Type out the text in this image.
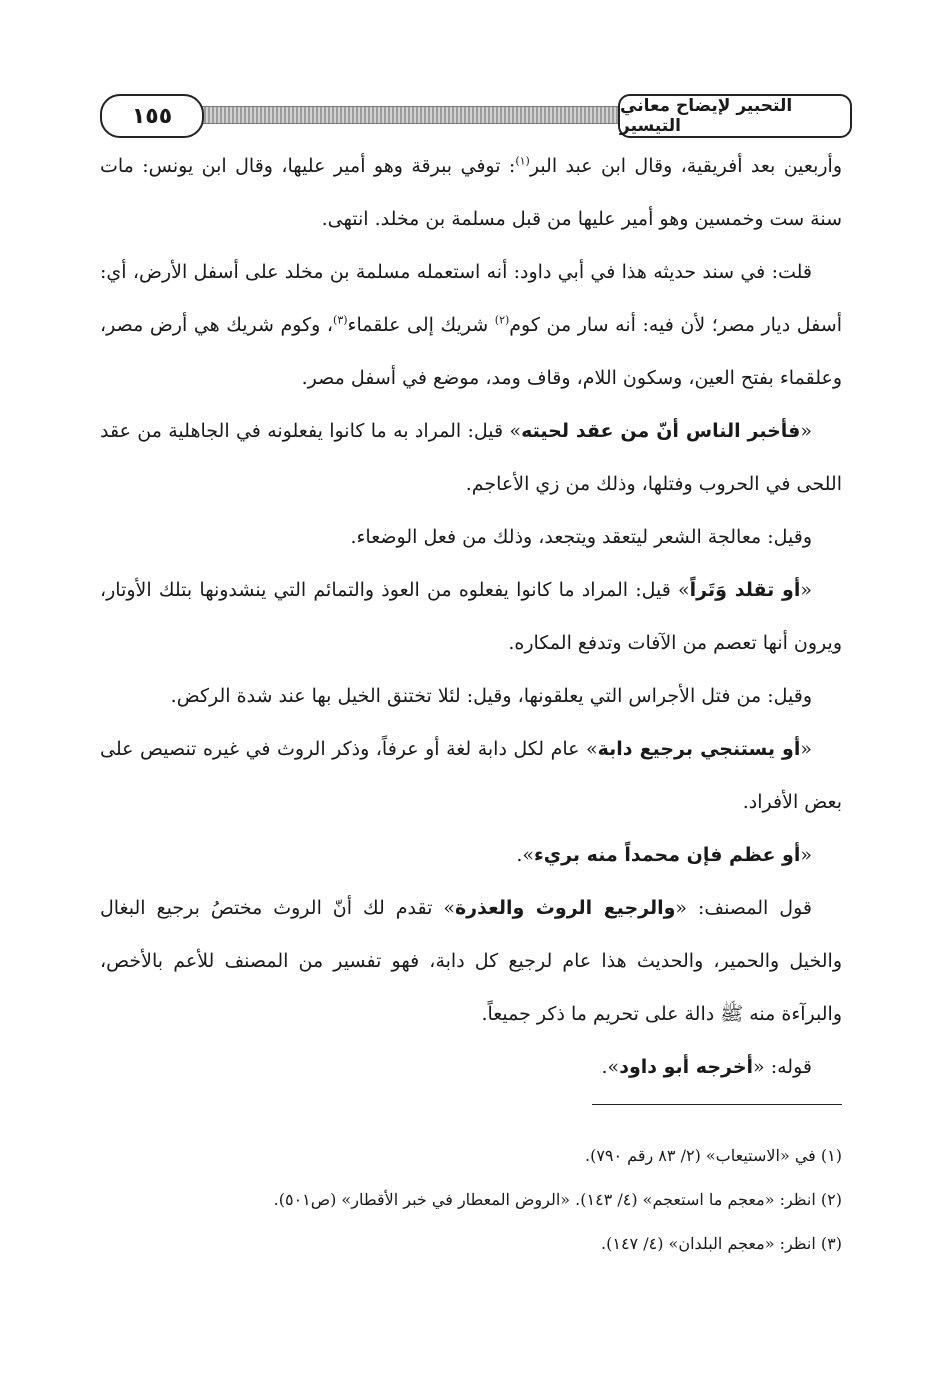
١٥٥	التحبير لإيضاح معاني التيسير

وأربعين بعد أفريقية، وقال ابن عبد البر$^{(١)}$: توفي ببرقة وهو أمير عليها، وقال ابن يونس: مات سنة ست وخمسين وهو أمير عليها من قبل مسلمة بن مخلد. انتهى.

قلت: في سند حديثه هذا في أبي داود: أنه استعمله مسلمة بن مخلد على أسفل الأرض، أي: أسفل ديار مصر؛ لأن فيه: أنه سار من كوم$^{(٢)}$ شريك إلى علقماء$^{(٣)}$، وكوم شريك هي أرض مصر، وعلقماء بفتح العين، وسكون اللام، وقاف ومد، موضع في أسفل مصر.

«فأخبر الناس أنّ من عقد لحيته» قيل: المراد به ما كانوا يفعلونه في الجاهلية من عقد اللحى في الحروب وفتلها، وذلك من زي الأعاجم.

وقيل: معالجة الشعر ليتعقد ويتجعد، وذلك من فعل الوضعاء.

«أو تقلد وَتَراً» قيل: المراد ما كانوا يفعلوه من العوذ والتمائم التي ينشدونها بتلك الأوتار، ويرون أنها تعصم من الآفات وتدفع المكاره.

وقيل: من فتل الأجراس التي يعلقونها، وقيل: لئلا تختنق الخيل بها عند شدة الركض.

«أو يستنجي برجيع دابة» عام لكل دابة لغة أو عرفاً، وذكر الروث في غيره تنصيص على بعض الأفراد.

«أو عظم فإن محمداً منه بريء».

قول المصنف: «والرجيع الروث والعذرة» تقدم لك أنّ الروث مختصُ برجيع البغال والخيل والحمير، والحديث هذا عام لرجيع كل دابة، فهو تفسير من المصنف للأعم بالأخص، والبرآءة منه ﷺ دالة على تحريم ما ذكر جميعاً.

قوله: «أخرجه أبو داود».

(١) في «الاستيعاب» (٢/ ٨٣ رقم ٧٩٠).

(٢) انظر: «معجم ما استعجم» (٤/ ١٤٣). «الروض المعطار في خبر الأقطار» (ص٥٠١).

(٣) انظر: «معجم البلدان» (٤/ ١٤٧).
